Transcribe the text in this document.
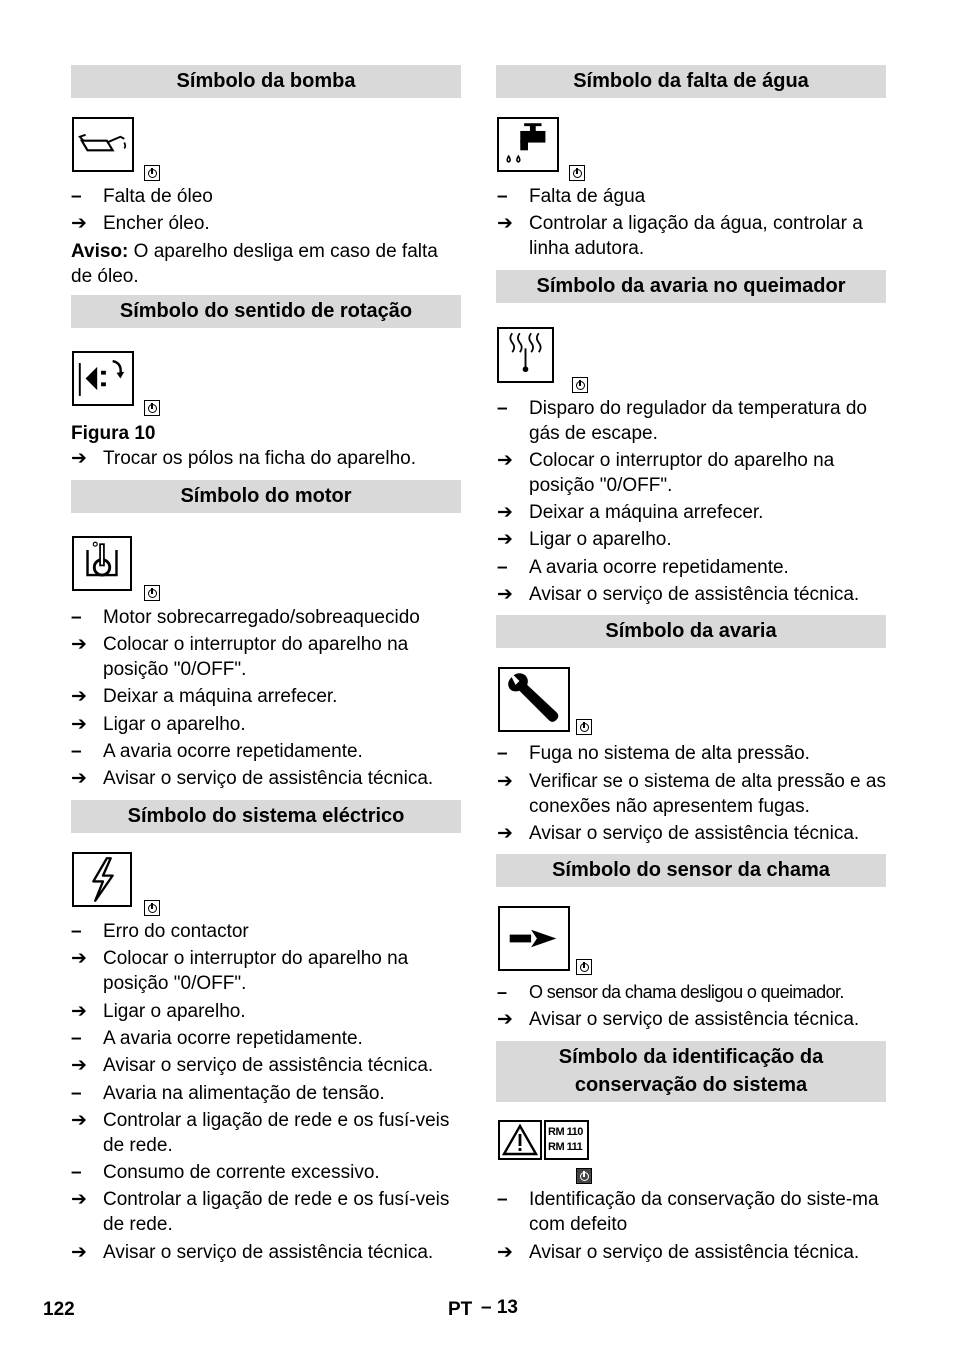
Símbolo da bomba
–	Falta de óleo
➔ Encher óleo.
Aviso: O aparelho desliga em caso de falta de óleo.
Símbolo do sentido de rotação
Figura 10
➔ Trocar os pólos na ficha do aparelho.
Símbolo do motor
–	Motor sobrecarregado/sobreaquecido
➔ Colocar o interruptor do aparelho na posição "0/OFF".
➔ Deixar a máquina arrefecer.
➔ Ligar o aparelho.
–	A avaria ocorre repetidamente.
➔ Avisar o serviço de assistência técnica.
Símbolo do sistema eléctrico
–	Erro do contactor
➔ Colocar o interruptor do aparelho na posição "0/OFF".
➔ Ligar o aparelho.
–	A avaria ocorre repetidamente.
➔ Avisar o serviço de assistência técnica.
–	Avaria na alimentação de tensão.
➔ Controlar a ligação de rede e os fusí-veis de rede.
–	Consumo de corrente excessivo.
➔ Controlar a ligação de rede e os fusí-veis de rede.
➔ Avisar o serviço de assistência técnica.
Símbolo da falta de água
–	Falta de água
➔ Controlar a ligação da água, controlar a linha adutora.
Símbolo da avaria no queimador
–	Disparo do regulador da temperatura do gás de escape.
➔ Colocar o interruptor do aparelho na posição "0/OFF".
➔ Deixar a máquina arrefecer.
➔ Ligar o aparelho.
–	A avaria ocorre repetidamente.
➔ Avisar o serviço de assistência técnica.
Símbolo da avaria
–	Fuga no sistema de alta pressão.
➔ Verificar se o sistema de alta pressão e as conexões não apresentem fugas.
➔ Avisar o serviço de assistência técnica.
Símbolo do sensor da chama
–	O sensor da chama desligou o queimador.
➔ Avisar o serviço de assistência técnica.
Símbolo da identificação da
conservação do sistema
RM 110
RM 111
–	Identificação da conservação do siste-ma com defeito
➔ Avisar o serviço de assistência técnica.
122	PT – 13
